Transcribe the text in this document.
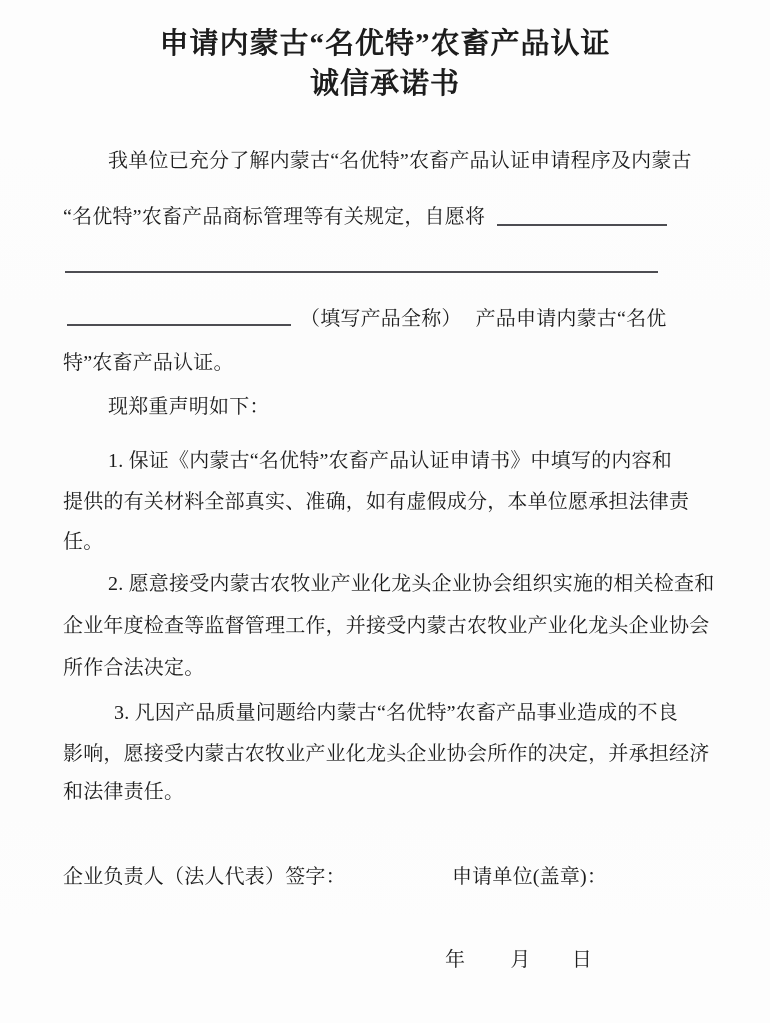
申请内蒙古“名优特”农畜产品认证
诚信承诺书
我单位已充分了解内蒙古“名优特”农畜产品认证申请程序及内蒙古
“名优特”农畜产品商标管理等有关规定，自愿将
（填写产品全称） 产品申请内蒙古“名优
特”农畜产品认证。
现郑重声明如下：
1. 保证《内蒙古“名优特”农畜产品认证申请书》中填写的内容和
提供的有关材料全部真实、准确，如有虚假成分，本单位愿承担法律责
任。
2. 愿意接受内蒙古农牧业产业化龙头企业协会组织实施的相关检查和
企业年度检查等监督管理工作，并接受内蒙古农牧业产业化龙头企业协会
所作合法决定。
3. 凡因产品质量问题给内蒙古“名优特”农畜产品事业造成的不良
影响，愿接受内蒙古农牧业产业化龙头企业协会所作的决定，并承担经济
和法律责任。
企业负责人（法人代表）签字：	申请单位(盖章)：
年 月 日
